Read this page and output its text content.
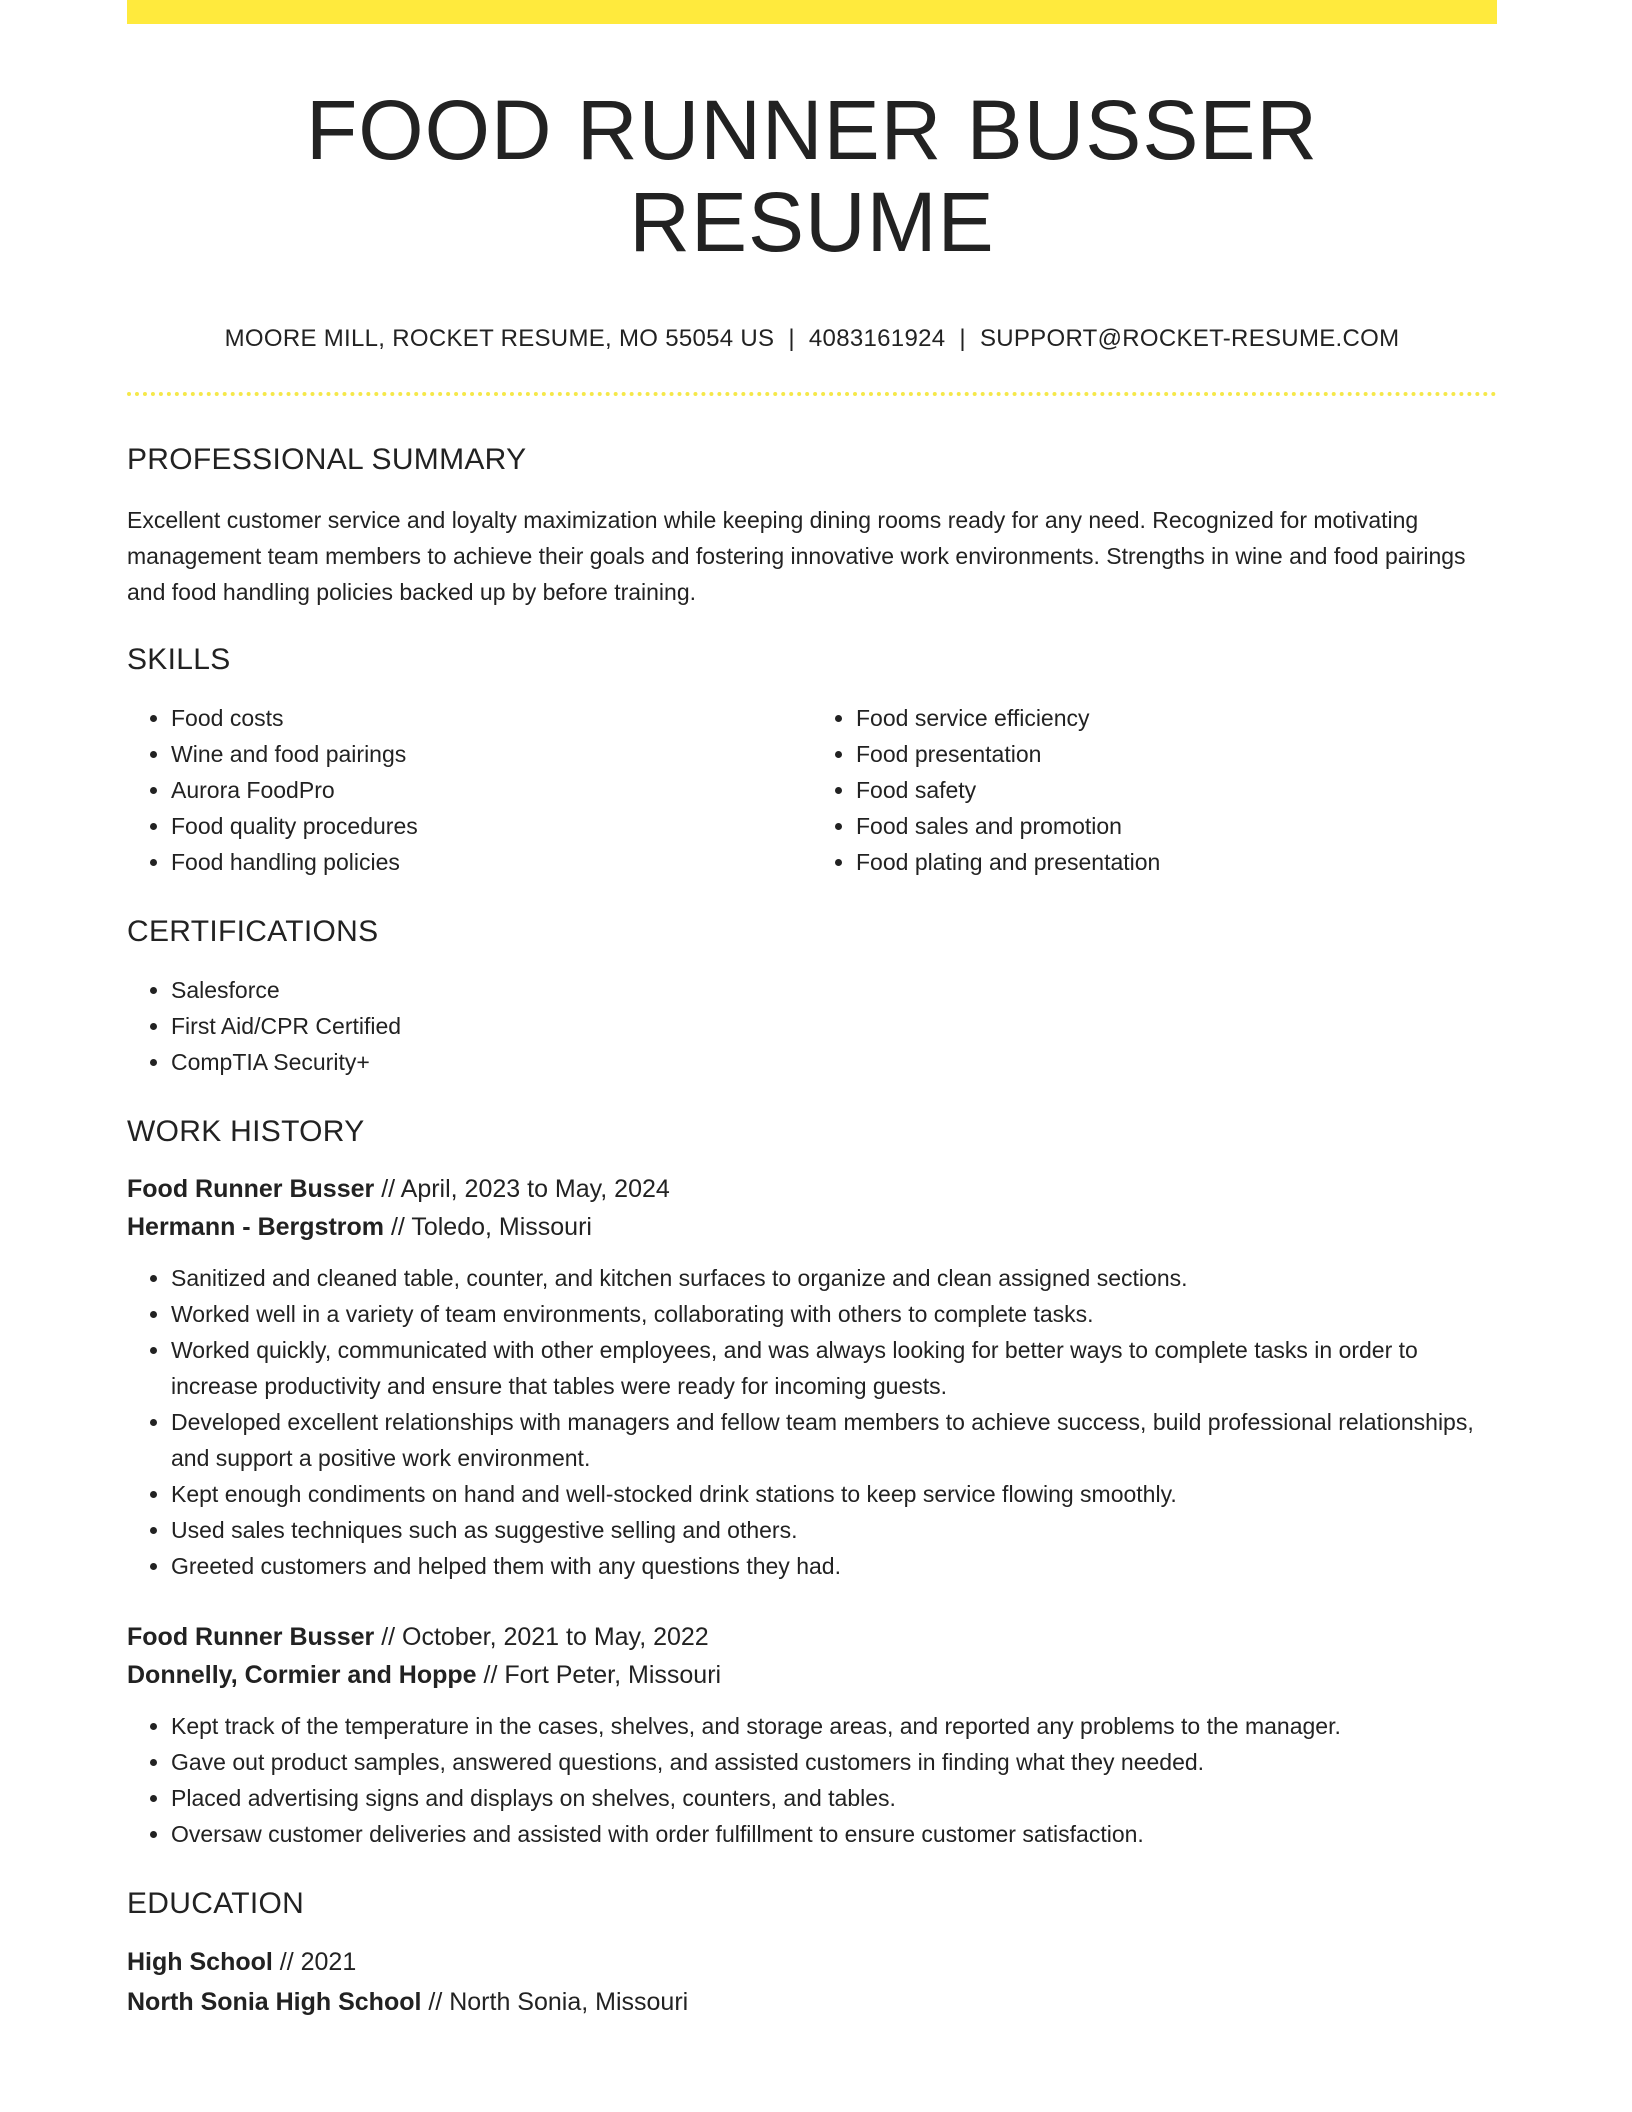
FOOD RUNNER BUSSER RESUME
MOORE MILL, ROCKET RESUME, MO 55054 US | 4083161924 | SUPPORT@ROCKET-RESUME.COM
PROFESSIONAL SUMMARY

Excellent customer service and loyalty maximization while keeping dining rooms ready for any need. Recognized for motivating management team members to achieve their goals and fostering innovative work environments. Strengths in wine and food pairings and food handling policies backed up by before training.

SKILLS
• Food costs
• Wine and food pairings
• Aurora FoodPro
• Food quality procedures
• Food handling policies
• Food service efficiency
• Food presentation
• Food safety
• Food sales and promotion
• Food plating and presentation
CERTIFICATIONS
• Salesforce
• First Aid/CPR Certified
• CompTIA Security+
WORK HISTORY
Food Runner Busser // April, 2023 to May, 2024
Hermann - Bergstrom // Toledo, Missouri
• Sanitized and cleaned table, counter, and kitchen surfaces to organize and clean assigned sections.
• Worked well in a variety of team environments, collaborating with others to complete tasks.
• Worked quickly, communicated with other employees, and was always looking for better ways to complete tasks in order to increase productivity and ensure that tables were ready for incoming guests.
• Developed excellent relationships with managers and fellow team members to achieve success, build professional relationships, and support a positive work environment.
• Kept enough condiments on hand and well-stocked drink stations to keep service flowing smoothly.
• Used sales techniques such as suggestive selling and others.
• Greeted customers and helped them with any questions they had.
Food Runner Busser // October, 2021 to May, 2022
Donnelly, Cormier and Hoppe // Fort Peter, Missouri
• Kept track of the temperature in the cases, shelves, and storage areas, and reported any problems to the manager.
• Gave out product samples, answered questions, and assisted customers in finding what they needed.
• Placed advertising signs and displays on shelves, counters, and tables.
• Oversaw customer deliveries and assisted with order fulfillment to ensure customer satisfaction.
EDUCATION
High School // 2021
North Sonia High School // North Sonia, Missouri
